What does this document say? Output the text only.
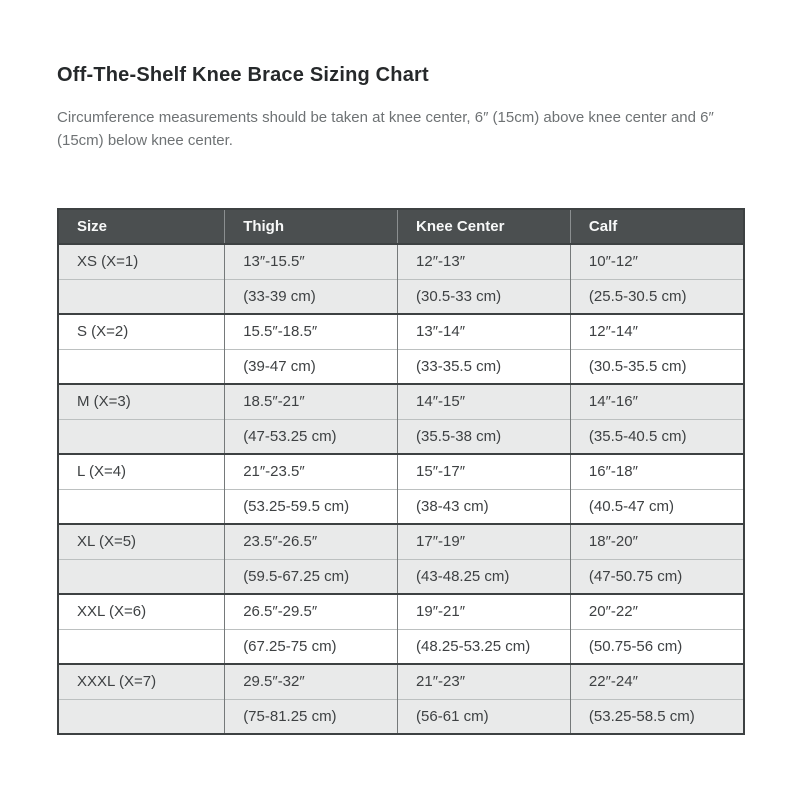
Off-The-Shelf Knee Brace Sizing Chart

Circumference measurements should be taken at knee center, 6″ (15cm) above knee center and 6″ (15cm) below knee center.

Size	Thigh	Knee Center	Calf
XS (X=1)	13″-15.5″	12″-13″	10″-12″
	(33-39 cm)	(30.5-33 cm)	(25.5-30.5 cm)
S (X=2)	15.5″-18.5″	13″-14″	12″-14″
	(39-47 cm)	(33-35.5 cm)	(30.5-35.5 cm)
M (X=3)	18.5″-21″	14″-15″	14″-16″
	(47-53.25 cm)	(35.5-38 cm)	(35.5-40.5 cm)
L (X=4)	21″-23.5″	15″-17″	16″-18″
	(53.25-59.5 cm)	(38-43 cm)	(40.5-47 cm)
XL (X=5)	23.5″-26.5″	17″-19″	18″-20″
	(59.5-67.25 cm)	(43-48.25 cm)	(47-50.75 cm)
XXL (X=6)	26.5″-29.5″	19″-21″	20″-22″
	(67.25-75 cm)	(48.25-53.25 cm)	(50.75-56 cm)
XXXL (X=7)	29.5″-32″	21″-23″	22″-24″
	(75-81.25 cm)	(56-61 cm)	(53.25-58.5 cm)
